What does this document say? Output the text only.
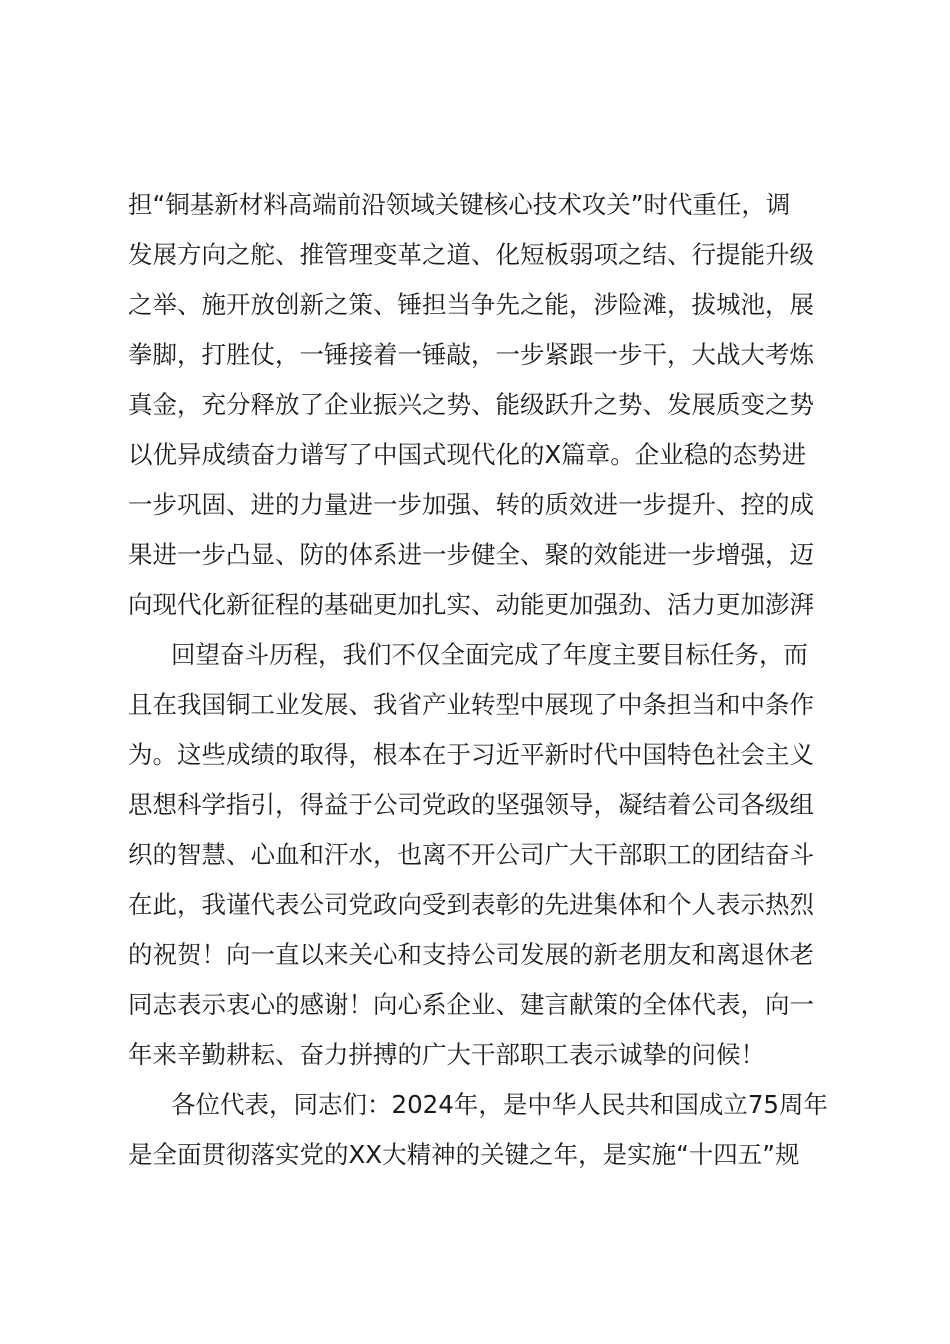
担“铜基新材料高端前沿领域关键核心技术攻关”时代重任，调
发展方向之舵、推管理变革之道、化短板弱项之结、行提能升级
之举、施开放创新之策、锤担当争先之能，涉险滩，拔城池，展
拳脚，打胜仗，一锤接着一锤敲，一步紧跟一步干，大战大考炼
真金，充分释放了企业振兴之势、能级跃升之势、发展质变之势
以优异成绩奋力谱写了中国式现代化的X篇章。企业稳的态势进
一步巩固、进的力量进一步加强、转的质效进一步提升、控的成
果进一步凸显、防的体系进一步健全、聚的效能进一步增强，迈
向现代化新征程的基础更加扎实、动能更加强劲、活力更加澎湃
回望奋斗历程，我们不仅全面完成了年度主要目标任务，而
且在我国铜工业发展、我省产业转型中展现了中条担当和中条作
为。这些成绩的取得，根本在于习近平新时代中国特色社会主义
思想科学指引，得益于公司党政的坚强领导，凝结着公司各级组
织的智慧、心血和汗水，也离不开公司广大干部职工的团结奋斗
在此，我谨代表公司党政向受到表彰的先进集体和个人表示热烈
的祝贺！向一直以来关心和支持公司发展的新老朋友和离退休老
同志表示衷心的感谢！向心系企业、建言献策的全体代表，向一
年来辛勤耕耘、奋力拼搏的广大干部职工表示诚挚的问候！
各位代表，同志们：2024年，是中华人民共和国成立75周年
是全面贯彻落实党的XX大精神的关键之年，是实施“十四五”规
